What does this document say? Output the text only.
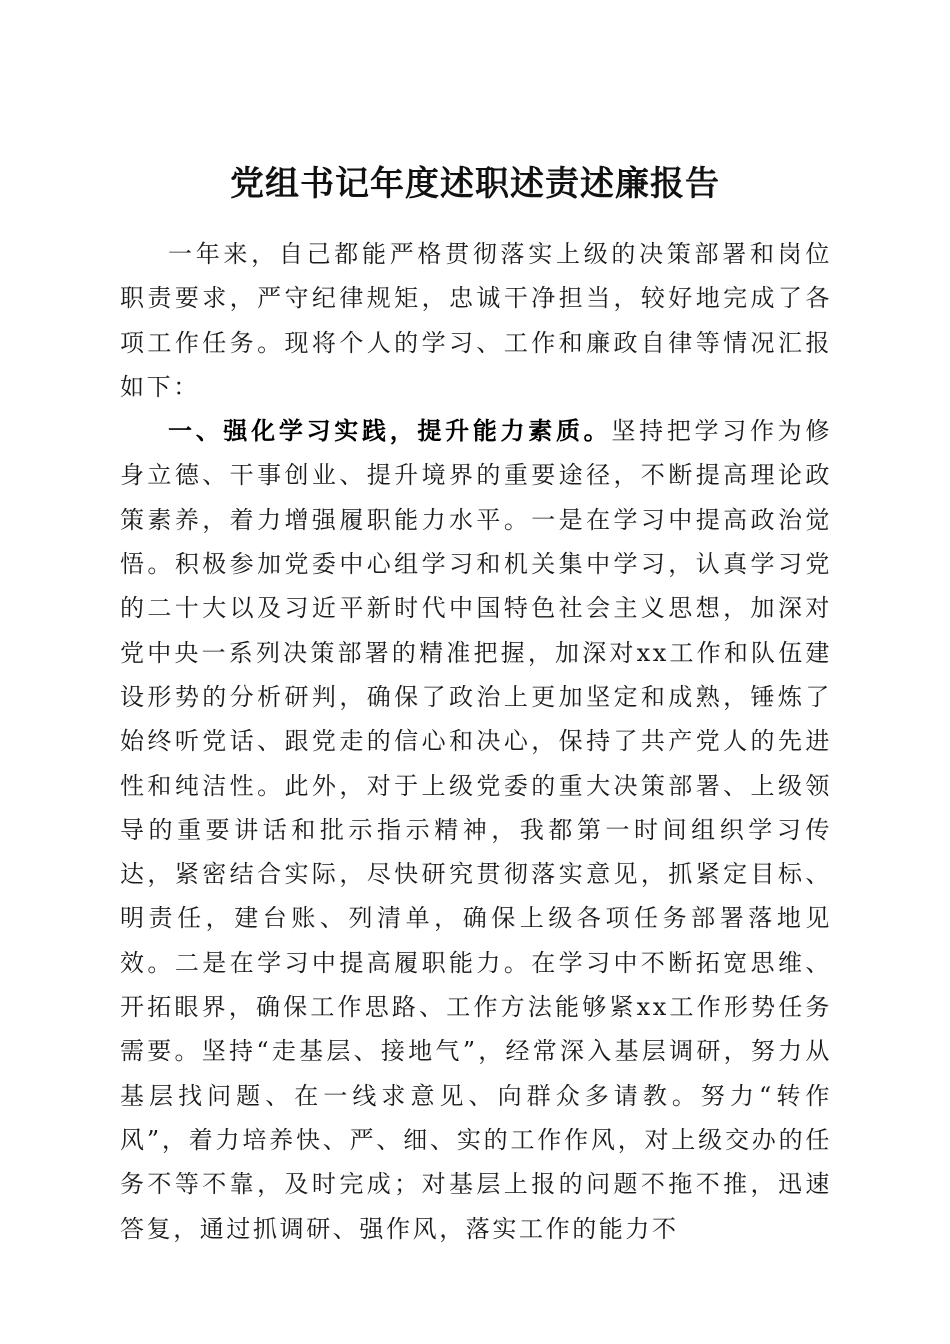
党组书记年度述职述责述廉报告

一年来，自己都能严格贯彻落实上级的决策部署和岗位职责要求，严守纪律规矩，忠诚干净担当，较好地完成了各项工作任务。现将个人的学习、工作和廉政自律等情况汇报如下：

一、强化学习实践，提升能力素质。坚持把学习作为修身立德、干事创业、提升境界的重要途径，不断提高理论政策素养，着力增强履职能力水平。一是在学习中提高政治觉悟。积极参加党委中心组学习和机关集中学习，认真学习党的二十大以及习近平新时代中国特色社会主义思想，加深对党中央一系列决策部署的精准把握，加深对xx工作和队伍建设形势的分析研判，确保了政治上更加坚定和成熟，锤炼了始终听党话、跟党走的信心和决心，保持了共产党人的先进性和纯洁性。此外，对于上级党委的重大决策部署、上级领导的重要讲话和批示指示精神，我都第一时间组织学习传达，紧密结合实际，尽快研究贯彻落实意见，抓紧定目标、明责任，建台账、列清单，确保上级各项任务部署落地见效。二是在学习中提高履职能力。在学习中不断拓宽思维、开拓眼界，确保工作思路、工作方法能够紧xx工作形势任务需要。坚持“走基层、接地气”，经常深入基层调研，努力从基层找问题、在一线求意见、向群众多请教。努力“转作风”，着力培养快、严、细、实的工作作风，对上级交办的任务不等不靠，及时完成；对基层上报的问题不拖不推，迅速答复，通过抓调研、强作风，落实工作的能力不
